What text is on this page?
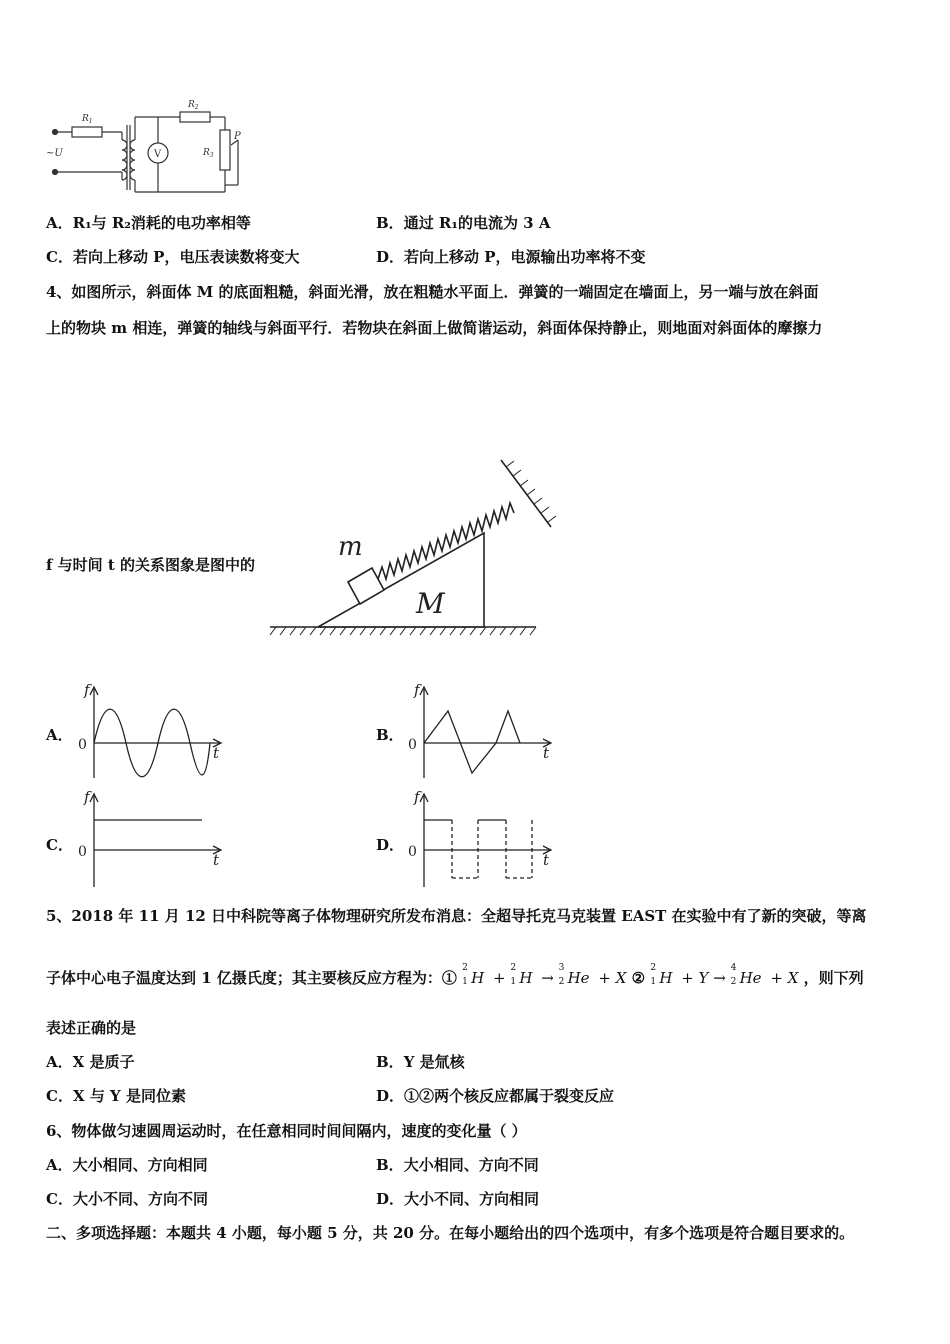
~U
$R_1$
$R_2$
$R_3$
P
V
A．R₁与 R₂消耗的电功率相等	B．通过 R₁的电流为 3 A
C．若向上移动 P，电压表读数将变大	D．若向上移动 P，电源输出功率将不变
4、如图所示，斜面体 M 的底面粗糙，斜面光滑，放在粗糙水平面上．弹簧的一端固定在墙面上，另一端与放在斜面
上的物块 m 相连，弹簧的轴线与斜面平行．若物块在斜面上做简谐运动，斜面体保持静止，则地面对斜面体的摩擦力
f 与时间 t 的关系图象是图中的
m
M
A．	B．
C．	D．
f
0	t
f
0	t
f
0	t
f
0	t
5、2018 年 11 月 12 日中科院等离子体物理研究所发布消息：全超导托克马克装置 EAST 在实验中有了新的突破，等离
子体中心电子温度达到 1 亿摄氏度；其主要核反应方程为：①
2
1 H +
2
1 H →
3
2 He + X ②
2
1 H + Y →
4
2 He + X ，则下列
表述正确的是
A．X 是质子	B．Y 是氚核
C．X 与 Y 是同位素	D．①②两个核反应都属于裂变反应
6、物体做匀速圆周运动时，在任意相同时间间隔内，速度的变化量（ ）
A．大小相同、方向相同	B．大小相同、方向不同
C．大小不同、方向不同	D．大小不同、方向相同
二、多项选择题：本题共 4 小题，每小题 5 分，共 20 分。在每小题给出的四个选项中，有多个选项是符合题目要求的。
